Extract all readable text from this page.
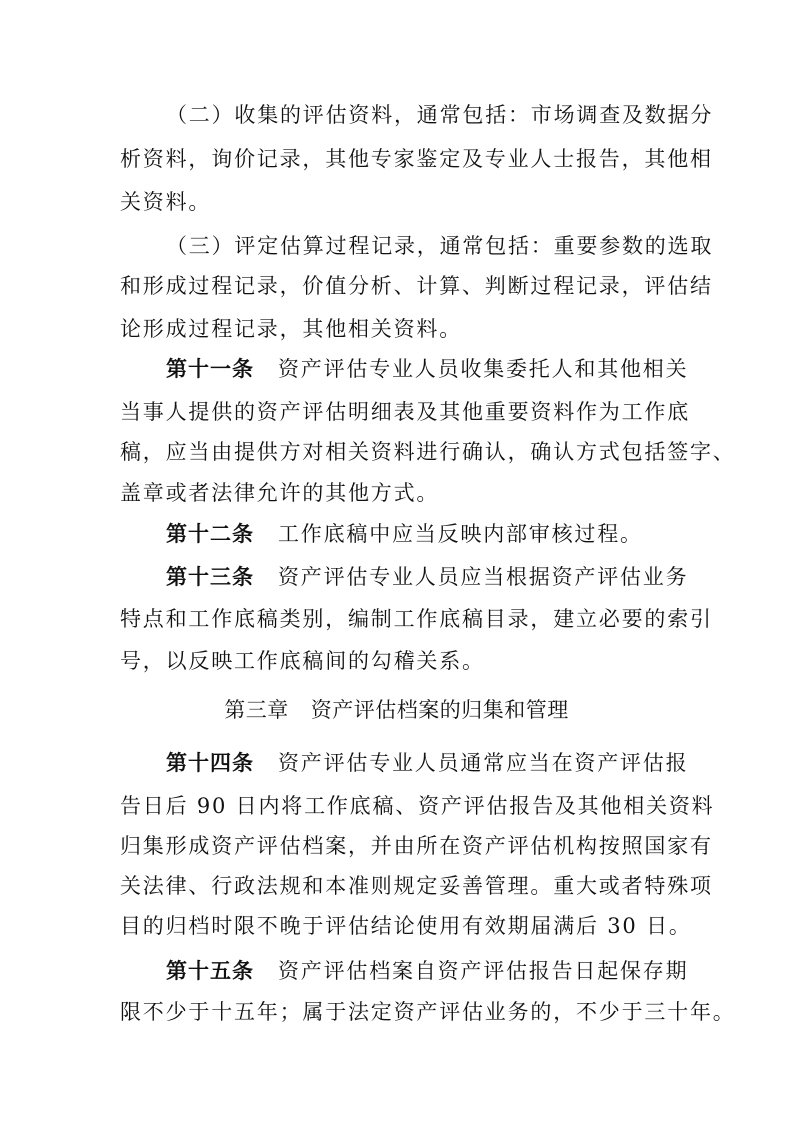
（二）收集的评估资料，通常包括：市场调查及数据分
析资料，询价记录，其他专家鉴定及专业人士报告，其他相
关资料。
（三）评定估算过程记录，通常包括：重要参数的选取
和形成过程记录，价值分析、计算、判断过程记录，评估结
论形成过程记录，其他相关资料。
第十一条 资产评估专业人员收集委托人和其他相关
当事人提供的资产评估明细表及其他重要资料作为工作底
稿，应当由提供方对相关资料进行确认，确认方式包括签字、
盖章或者法律允许的其他方式。
第十二条 工作底稿中应当反映内部审核过程。
第十三条 资产评估专业人员应当根据资产评估业务
特点和工作底稿类别，编制工作底稿目录，建立必要的索引
号，以反映工作底稿间的勾稽关系。
第三章 资产评估档案的归集和管理
第十四条 资产评估专业人员通常应当在资产评估报
告日后 90 日内将工作底稿、资产评估报告及其他相关资料
归集形成资产评估档案，并由所在资产评估机构按照国家有
关法律、行政法规和本准则规定妥善管理。重大或者特殊项
目的归档时限不晚于评估结论使用有效期届满后 30 日。
第十五条 资产评估档案自资产评估报告日起保存期
限不少于十五年；属于法定资产评估业务的，不少于三十年。
